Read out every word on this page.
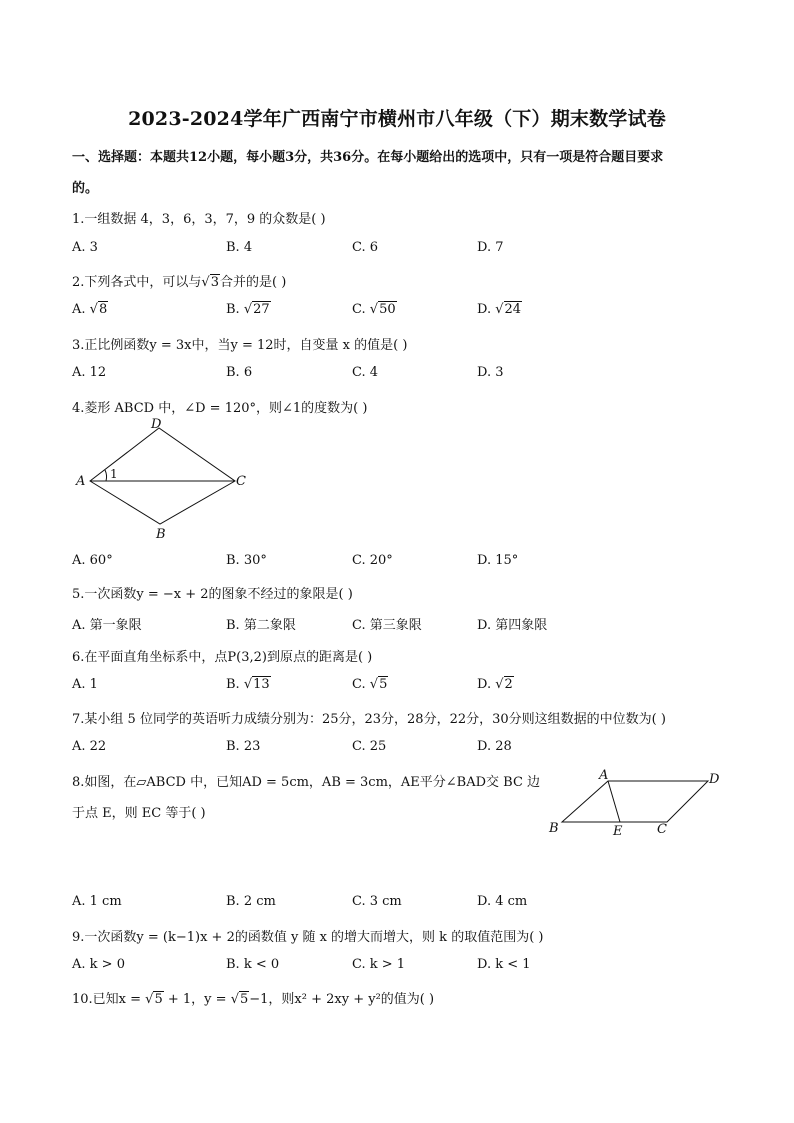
2023-2024学年广西南宁市横州市八年级（下）期末数学试卷
一、选择题：本题共12小题，每小题3分，共36分。在每小题给出的选项中，只有一项是符合题目要求
的。
1.一组数据 4，3，6，3，7，9 的众数是( )
A. 3	B. 4	C. 6	D. 7
2.下列各式中，可以与√3合并的是( )
A. √8	B. √27	C. √50	D. √24
3.正比例函数y = 3x中，当y = 12时，自变量 x 的值是( )
A. 12	B. 6	C. 4	D. 3
4.菱形 ABCD 中，∠D = 120°，则∠1的度数为( )
A
D
C
B
1
A. 60°	B. 30°	C. 20°	D. 15°
5.一次函数y = −x + 2的图象不经过的象限是( )
A. 第一象限	B. 第二象限	C. 第三象限	D. 第四象限
6.在平面直角坐标系中，点P(3,2)到原点的距离是( )
A. 1	B. √13	C. √5	D. √2
7.某小组 5 位同学的英语听力成绩分别为：25分，23分，28分，22分，30分则这组数据的中位数为( )
A. 22	B. 23	C. 25	D. 28
8.如图，在▱ABCD 中，已知AD = 5cm，AB = 3cm，AE平分∠BAD交 BC 边
于点 E，则 EC 等于( )
A	D
B	E	C
A. 1 cm	B. 2 cm	C. 3 cm	D. 4 cm
9.一次函数y = (k−1)x + 2的函数值 y 随 x 的增大而增大，则 k 的取值范围为( )
A. k > 0	B. k < 0	C. k > 1	D. k < 1
10.已知x = √5 + 1，y = √5−1，则x² + 2xy + y²的值为( )
